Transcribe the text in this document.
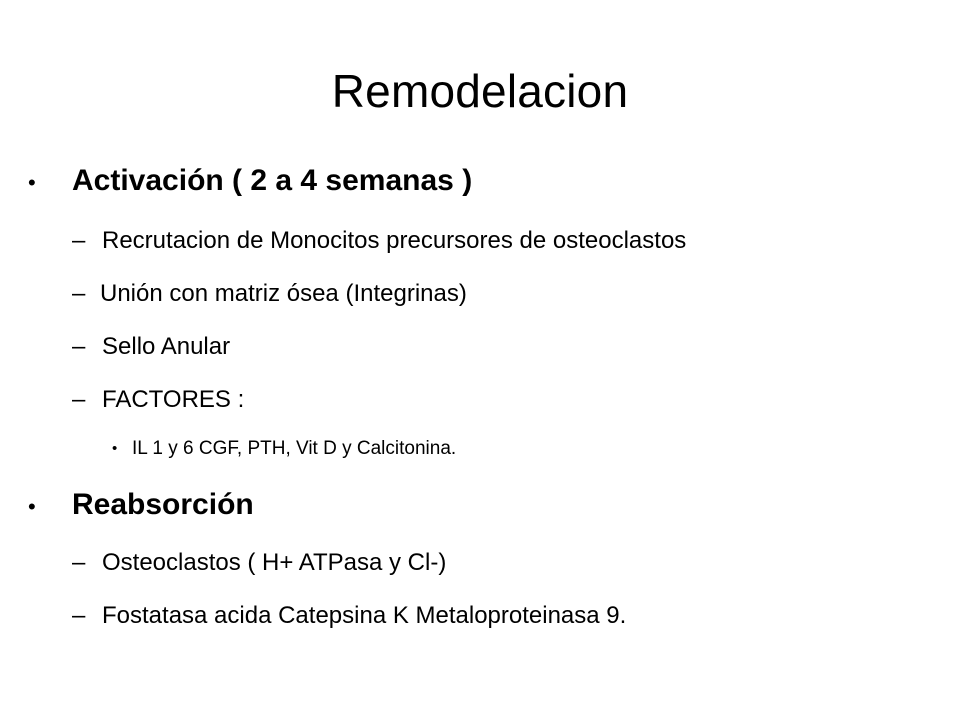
Remodelacion
• Activación ( 2 a 4 semanas )
– Recrutacion de Monocitos precursores de osteoclastos
– Unión con matriz ósea (Integrinas)
– Sello Anular
– FACTORES :
• IL 1 y 6 CGF, PTH, Vit D y Calcitonina.
• Reabsorción
– Osteoclastos ( H+ ATPasa y Cl-)
– Fostatasa acida Catepsina K Metaloproteinasa 9.
